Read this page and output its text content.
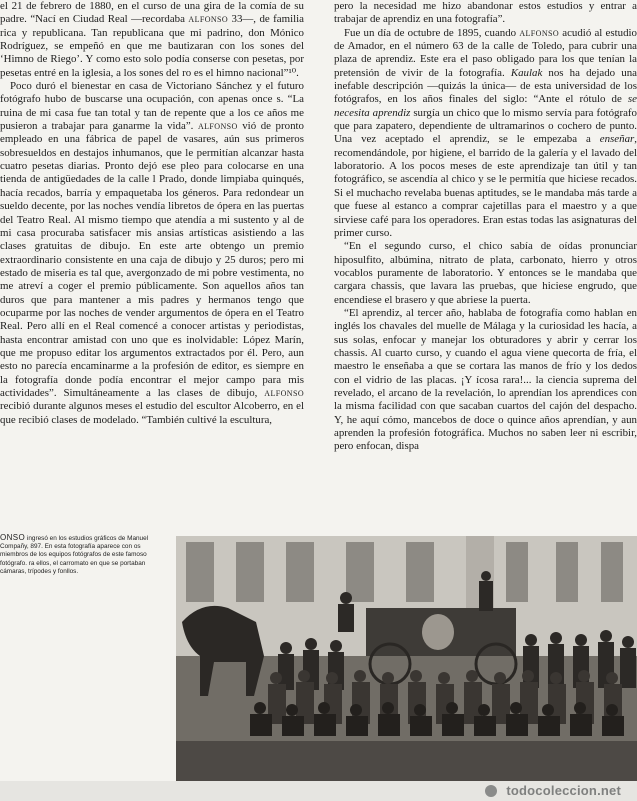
el 21 de febrero de 1880, en el curso de una gira de la comía de su padre. “Nací en Ciudad Real —recordaba ALFONSO 33—, de familia rica y republicana. Tan republicana que mi padrino, don Mónico Rodríguez, se empeñó en que me bautizaran con los sones del ‘Himno de Riego’. Y como esto solo podía conserse con pesetas, por pesetas entré en la iglesia, a los sones del ro es el himno nacional”¹⁰.

Poco duró el bienestar en casa de Victoriano Sánchez y el futuro fotógrafo hubo de buscarse una ocupación, con apenas once s. “La ruina de mi casa fue tan total y tan de repente que a los ce años me pusieron a trabajar para ganarme la vida”. ALFONSO vió de pronto empleado en una fábrica de papel de vasares, aún sus primeros sobresueldos en destajos inhumanos, que le permitían alcanzar hasta cuatro pesetas diarias. Pronto dejó ese pleo para colocarse en una tienda de antigüedades de la calle l Prado, donde limpiaba quinqués, hacía recados, barría y empaquetaba los géneros. Para redondear un sueldo decente, por las noches vendía libretos de ópera en las puertas del Teatro Real. Al mismo tiempo que atendía a mi sustento y al de mi casa procuraba satisfacer mis ansias artísticas asistiendo a las clases gratuitas de dibujo. En este arte obtengo un premio extraordinario consistente en una caja de dibujo y 25 duros; pero mi estado de miseria es tal que, avergonzado de mi pobre vestimenta, no me atreví a coger el premio públicamente. Son aquellos años tan duros que para mantener a mis padres y hermanos tengo que ocuparme por las noches de vender argumentos de ópera en el Teatro Real. Pero allí en el Real comencé a conocer artistas y periodistas, hasta encontrar amistad con uno que es inolvidable: López Marín, que me propuso editar los argumentos extractados por él. Pero, aun esto no parecía encaminarme a la profesión de editor, es siempre en la fotografía donde podía encontrar el mejor campo para mis actividades”. Simultáneamente a las clases de dibujo, ALFONSO recibió durante algunos meses el estudio del escultor Alcoberro, en el que recibió clases de modelado. “También cultivé la escultura,

pero la necesidad me hizo abandonar estos estudios y entrar a trabajar de aprendiz en una fotografía”.

Fue un día de octubre de 1895, cuando ALFONSO acudió al estudio de Amador, en el número 63 de la calle de Toledo, para cubrir una plaza de aprendiz. Este era el paso obligado para los que tenían la pretensión de vivir de la fotografía. Kaulak nos ha dejado una inefable descripción —quizás la única— de esta universidad de los fotógrafos, en los años finales del siglo: “Ante el rótulo de se necesita aprendiz surgía un chico que lo mismo servía para fotógrafo que para zapatero, dependiente de ultramarinos o cochero de punto. Una vez aceptado el aprendiz, se le empezaba a enseñar, recomendándole, por higiene, el barrido de la galería y el lavado del laboratorio. A los pocos meses de este aprendizaje tan útil y tan fotográfico, se ascendía al chico y se le permitía que hiciese recados. Si el muchacho revelaba buenas aptitudes, se le mandaba más tarde a que fuese al estanco a comprar cajetillas para el maestro y a que sirviese café para los operadores. Eran estas todas las asignaturas del primer curso.

“En el segundo curso, el chico sabía de oídas pronunciar hiposulfito, albúmina, nitrato de plata, carbonato, hierro y otros vocablos puramente de laboratorio. Y entonces se le mandaba que cargara chassis, que lavara las pruebas, que hiciese engrudo, que encendiese el brasero y que abriese la puerta.

“El aprendiz, al tercer año, hablaba de fotografía como hablan en inglés los chavales del muelle de Málaga y la curiosidad les hacía, a sus solas, enfocar y manejar los obturadores y abrir y cerrar los chassis. Al cuarto curso, y cuando el agua viene quecorta de fría, el maestro le enseñaba a que se cortara las manos de frío y los dedos con el vidrio de las placas. ¡Y ícosa rara!... la ciencia suprema del revelado, el arcano de la revelación, lo aprendían los aprendices con la misma facilidad con que sacaban cuartos del cajón del despacho. Y, he aquí cómo, mancebos de doce o quince años aprendían, y aun aprenden la profesión fotográfica. Muchos no saben leer ni escribir, pero enfocan, dispa

ONSO ingresó en los estudios gráficos de Manuel Compañy, 897. En esta fotografía aparece con os miembros de los equipos fotógrafos de este famoso fotógrafo. ra ellos, el carromato en que se portaban cámaras, trípodes y fonllos.

todocoleccion.net
